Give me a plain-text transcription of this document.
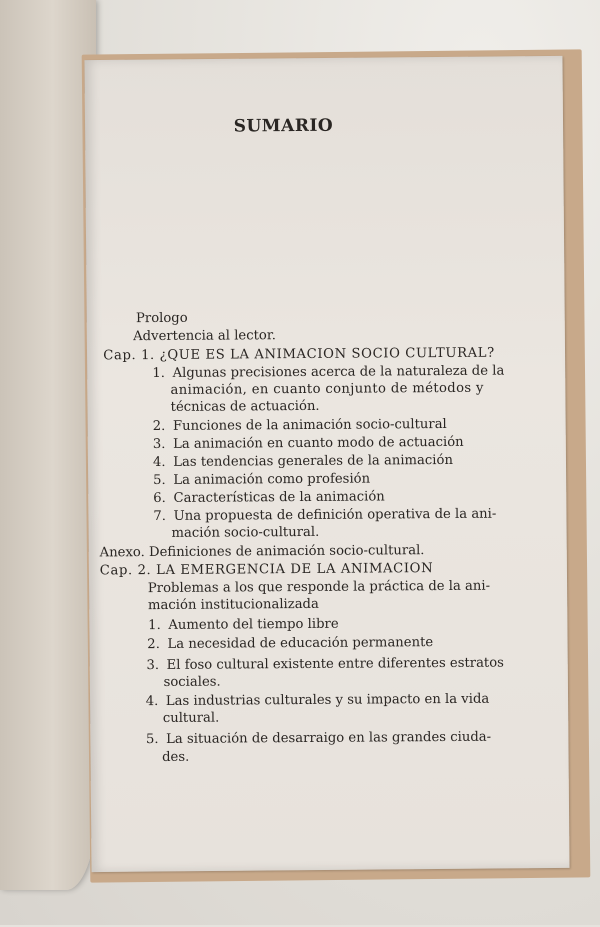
SUMARIO
Prologo
Advertencia al lector.
Cap. 1. ¿QUE ES LA ANIMACION SOCIO CULTURAL?
1. Algunas precisiones acerca de la naturaleza de la
animación, en cuanto conjunto de métodos y
técnicas de actuación.
2. Funciones de la animación socio-cultural
3. La animación en cuanto modo de actuación
4. Las tendencias generales de la animación
5. La animación como profesión
6. Características de la animación
7. Una propuesta de definición operativa de la ani-
mación socio-cultural.
Anexo. Definiciones de animación socio-cultural.
Cap. 2. LA EMERGENCIA DE LA ANIMACION
Problemas a los que responde la práctica de la ani-
mación institucionalizada
1. Aumento del tiempo libre
2. La necesidad de educación permanente
3. El foso cultural existente entre diferentes estratos
sociales.
4. Las industrias culturales y su impacto en la vida
cultural.
5. La situación de desarraigo en las grandes ciuda-
des.
